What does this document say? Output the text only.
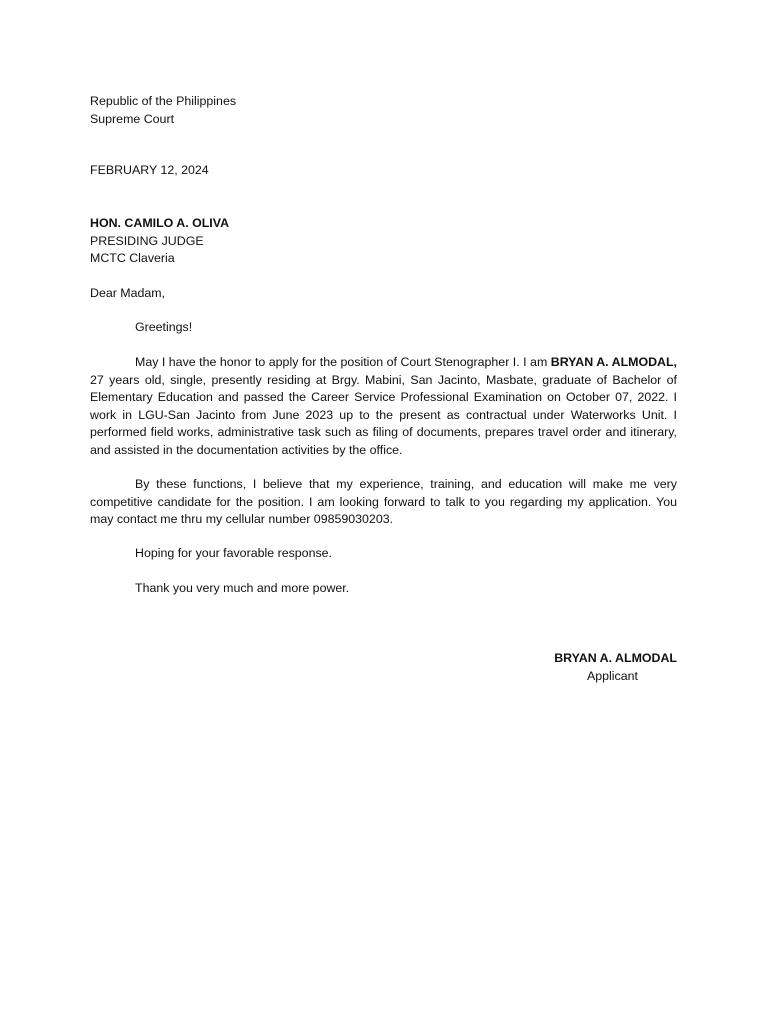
Republic of the Philippines
Supreme Court
FEBRUARY 12, 2024
HON. CAMILO A. OLIVA
PRESIDING JUDGE
MCTC Claveria
Dear Madam,
Greetings!
May I have the honor to apply for the position of Court Stenographer I. I am BRYAN A. ALMODAL, 27 years old, single, presently residing at Brgy. Mabini, San Jacinto, Masbate, graduate of Bachelor of Elementary Education and passed the Career Service Professional Examination on October 07, 2022. I work in LGU-San Jacinto from June 2023 up to the present as contractual under Waterworks Unit. I performed field works, administrative task such as filing of documents, prepares travel order and itinerary, and assisted in the documentation activities by the office.
By these functions, I believe that my experience, training, and education will make me very competitive candidate for the position. I am looking forward to talk to you regarding my application. You may contact me thru my cellular number 09859030203.
Hoping for your favorable response.
Thank you very much and more power.
BRYAN A. ALMODAL
Applicant
